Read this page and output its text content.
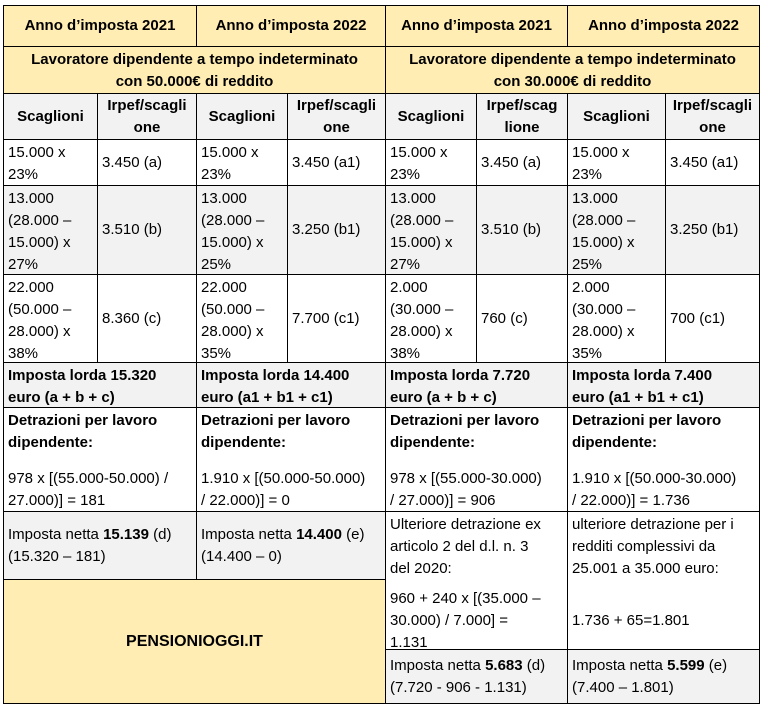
Anno d’imposta 2021	Anno d’imposta 2022 Anno d’imposta 2021 Anno d’imposta 2022
Lavoratore dipendente a tempo indeterminato
con 50.000€ di reddito
Lavoratore dipendente a tempo indeterminato
con 30.000€ di reddito
Scaglioni
Irpef/scagli
one
Scaglioni
Irpef/scagli
one
Scaglioni
Irpef/scag
lione
Scaglioni
Irpef/scagli
one
15.000 x
23%
3.450 (a)
15.000 x
23%
3.450 (a1)
15.000 x
23%
3.450 (a)
15.000 x
23%
3.450 (a1)
13.000
(28.000 –
15.000) x
27%
3.510 (b)
13.000
(28.000 –
15.000) x
25%
3.250 (b1)
13.000
(28.000 –
15.000) x
27%
3.510 (b)
13.000
(28.000 –
15.000) x
25%
3.250 (b1)
22.000
(50.000 –
28.000) x
38%
8.360 (c)
22.000
(50.000 –
28.000) x
35%
7.700 (c1)
2.000
(30.000 –
28.000) x
38%
760 (c)
2.000
(30.000 –
28.000) x
35%
700 (c1)
Imposta lorda 15.320
euro (a + b + c)
Imposta lorda 14.400
euro (a1 + b1 + c1)
Imposta lorda 7.720
euro (a + b + c)
Imposta lorda 7.400
euro (a1 + b1 + c1)
Detrazioni per lavoro
dipendente:
978 x [(55.000-50.000) /
27.000)] = 181
Detrazioni per lavoro
dipendente:
1.910 x [(50.000-50.000)
/ 22.000)] = 0
Detrazioni per lavoro
dipendente:
978 x [(55.000-30.000)
/ 27.000)] = 906
Detrazioni per lavoro
dipendente:
1.910 x [(50.000-30.000)
/ 22.000)] = 1.736
Imposta netta 15.139 (d)
(15.320 – 181)
Imposta netta 14.400 (e)
(14.400 – 0)
PENSIONIOGGI.IT
Ulteriore detrazione ex
articolo 2 del d.l. n. 3
del 2020:
960 + 240 x [(35.000 –
30.000) / 7.000] =
1.131
ulteriore detrazione per i
redditi complessivi da
25.001 a 35.000 euro:
1.736 + 65=1.801
Imposta netta 5.683 (d)
(7.720 - 906 - 1.131)
Imposta netta 5.599 (e)
(7.400 – 1.801)
